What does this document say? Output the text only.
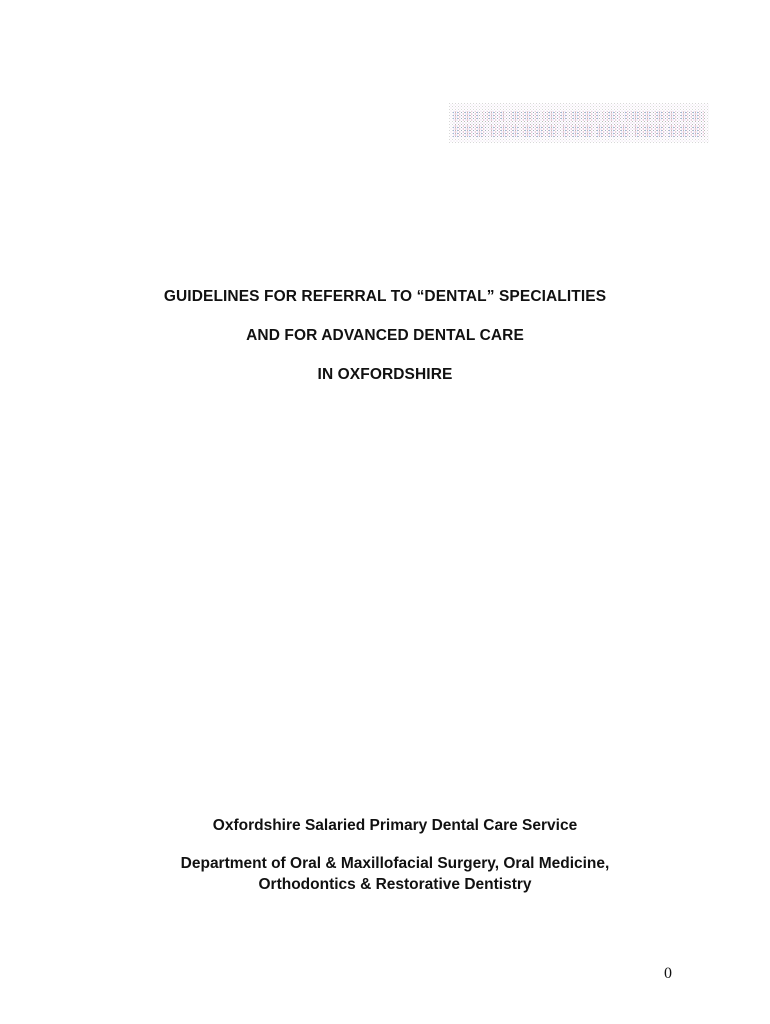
GUIDELINES FOR REFERRAL TO “DENTAL” SPECIALITIES
AND FOR ADVANCED DENTAL CARE
IN OXFORDSHIRE
Oxfordshire Salaried Primary Dental Care Service
Department of Oral & Maxillofacial Surgery, Oral Medicine,
Orthodontics & Restorative Dentistry
0
